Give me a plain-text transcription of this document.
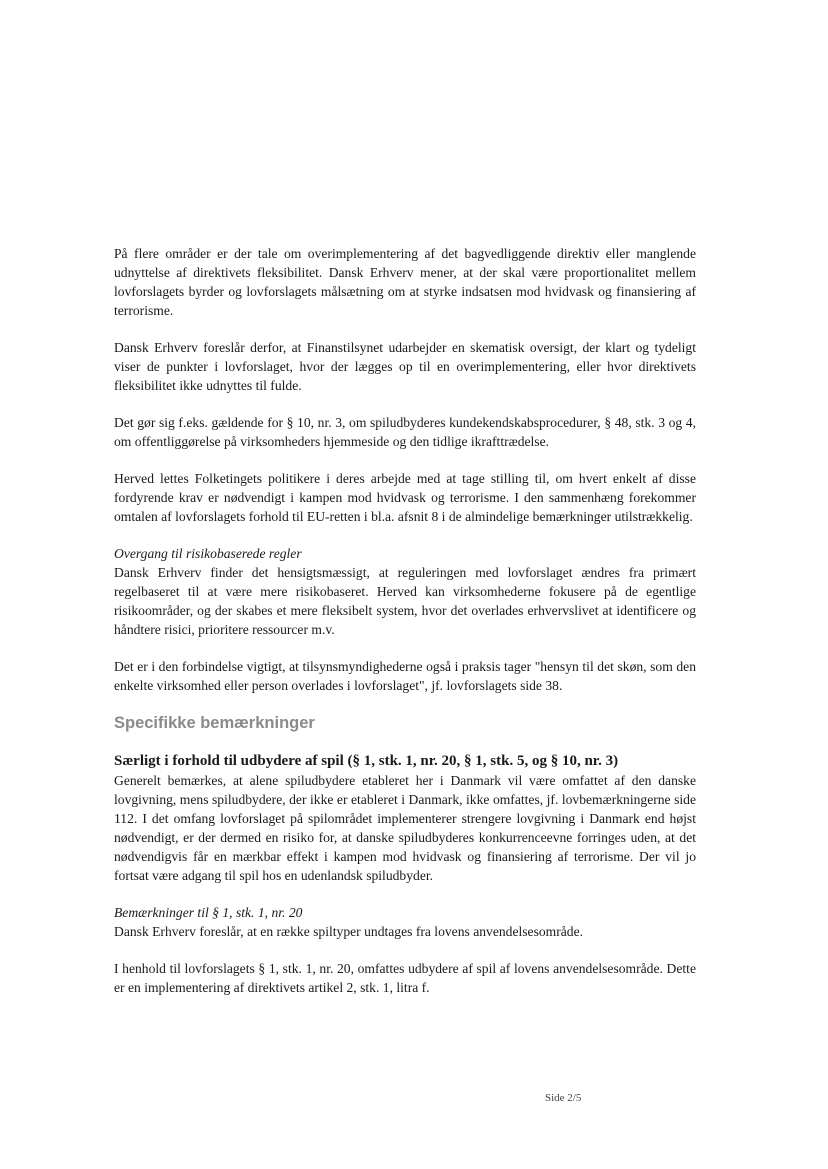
På flere områder er der tale om overimplementering af det bagvedliggende direktiv eller manglende udnyttelse af direktivets fleksibilitet. Dansk Erhverv mener, at der skal være proportionalitet mellem lovforslagets byrder og lovforslagets målsætning om at styrke indsatsen mod hvidvask og finansiering af terrorisme.

Dansk Erhverv foreslår derfor, at Finanstilsynet udarbejder en skematisk oversigt, der klart og tydeligt viser de punkter i lovforslaget, hvor der lægges op til en overimplementering, eller hvor direktivets fleksibilitet ikke udnyttes til fulde.

Det gør sig f.eks. gældende for § 10, nr. 3, om spiludbyderes kundekendskabsprocedurer, § 48, stk. 3 og 4, om offentliggørelse på virksomheders hjemmeside og den tidlige ikrafttrædelse.

Herved lettes Folketingets politikere i deres arbejde med at tage stilling til, om hvert enkelt af disse fordyrende krav er nødvendigt i kampen mod hvidvask og terrorisme. I den sammenhæng forekommer omtalen af lovforslagets forhold til EU-retten i bl.a. afsnit 8 i de almindelige bemærkninger utilstrækkelig.

Overgang til risikobaserede regler

Dansk Erhverv finder det hensigtsmæssigt, at reguleringen med lovforslaget ændres fra primært regelbaseret til at være mere risikobaseret. Herved kan virksomhederne fokusere på de egentlige risikoområder, og der skabes et mere fleksibelt system, hvor det overlades erhvervslivet at identificere og håndtere risici, prioritere ressourcer m.v.

Det er i den forbindelse vigtigt, at tilsynsmyndighederne også i praksis tager "hensyn til det skøn, som den enkelte virksomhed eller person overlades i lovforslaget", jf. lovforslagets side 38.

Specifikke bemærkninger

Særligt i forhold til udbydere af spil (§ 1, stk. 1, nr. 20, § 1, stk. 5, og § 10, nr. 3)

Generelt bemærkes, at alene spiludbydere etableret her i Danmark vil være omfattet af den danske lovgivning, mens spiludbydere, der ikke er etableret i Danmark, ikke omfattes, jf. lovbemærkningerne side 112. I det omfang lovforslaget på spilområdet implementerer strengere lovgivning i Danmark end højst nødvendigt, er der dermed en risiko for, at danske spiludbyderes konkurrenceevne forringes uden, at det nødvendigvis får en mærkbar effekt i kampen mod hvidvask og finansiering af terrorisme. Der vil jo fortsat være adgang til spil hos en udenlandsk spiludbyder.

Bemærkninger til § 1, stk. 1, nr. 20

Dansk Erhverv foreslår, at en række spiltyper undtages fra lovens anvendelsesområde.

I henhold til lovforslagets § 1, stk. 1, nr. 20, omfattes udbydere af spil af lovens anvendelsesområde. Dette er en implementering af direktivets artikel 2, stk. 1, litra f.

Side 2/5
